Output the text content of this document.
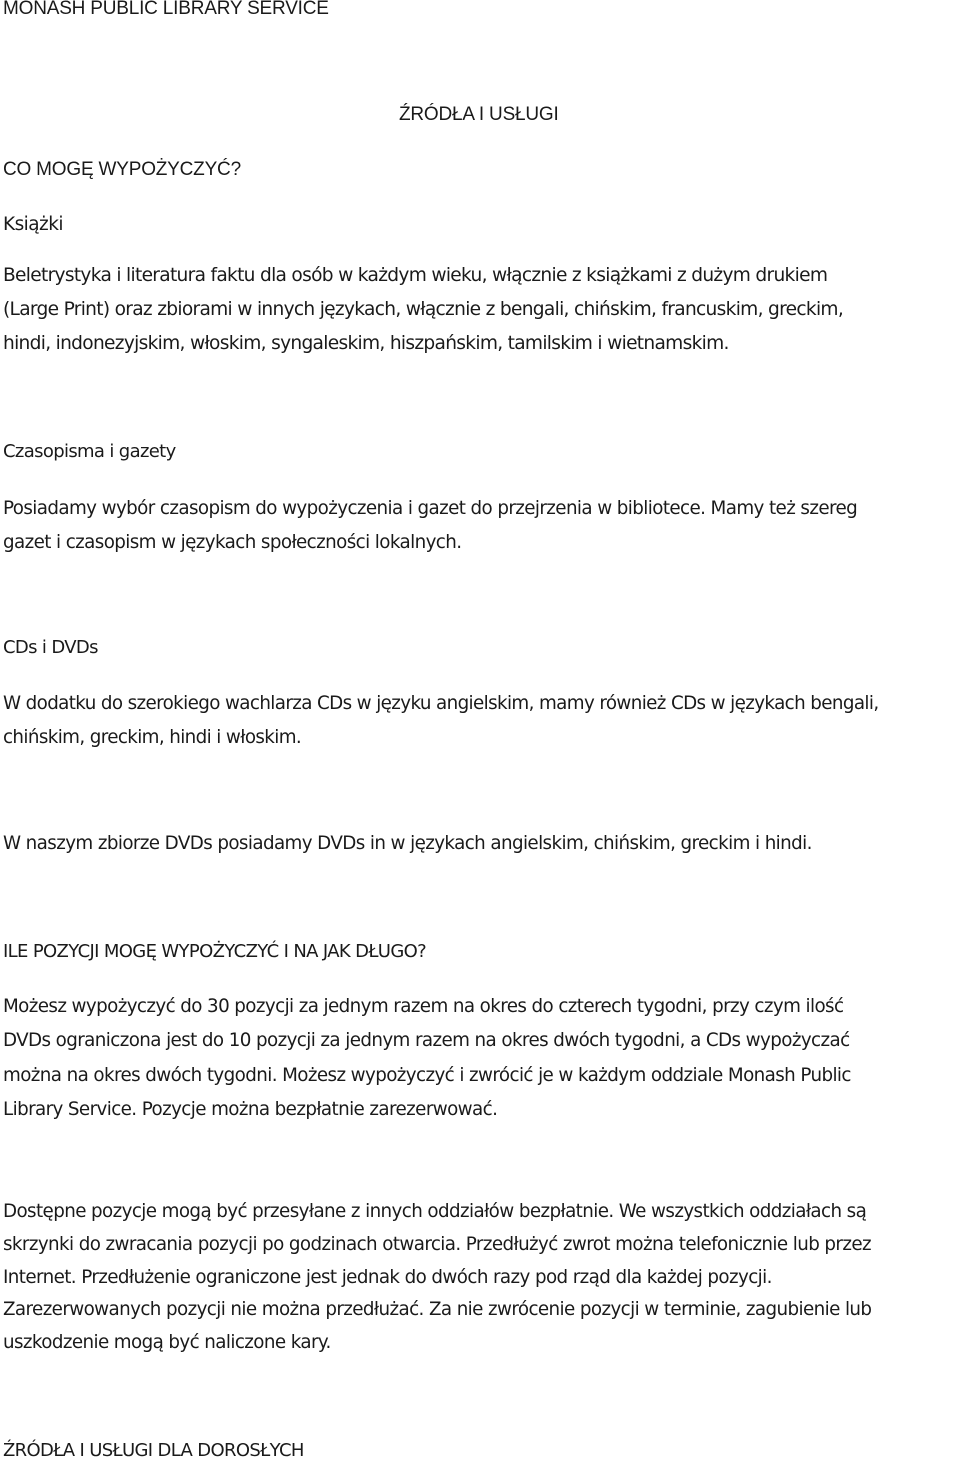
MONASH PUBLIC LIBRARY SERVICE

ŹRÓDŁA I USŁUGI

CO MOGĘ WYPOŻYCZYĆ?

Książki

Beletrystyka i literatura faktu dla osób w każdym wieku, włącznie z książkami z dużym drukiem
(Large Print) oraz zbiorami w innych językach, włącznie z bengali, chińskim, francuskim, greckim,
hindi, indonezyjskim, włoskim, syngaleskim, hiszpańskim, tamilskim i wietnamskim.

Czasopisma i gazety

Posiadamy wybór czasopism do wypożyczenia i gazet do przejrzenia w bibliotece. Mamy też szereg
gazet i czasopism w językach społeczności lokalnych.

CDs i DVDs

W dodatku do szerokiego wachlarza CDs w języku angielskim, mamy również CDs w językach bengali,
chińskim, greckim, hindi i włoskim.

W naszym zbiorze DVDs posiadamy DVDs in w językach angielskim, chińskim, greckim i hindi.

ILE POZYCJI MOGĘ WYPOŻYCZYĆ I NA JAK DŁUGO?

Możesz wypożyczyć do 30 pozycji za jednym razem na okres do czterech tygodni, przy czym ilość
DVDs ograniczona jest do 10 pozycji za jednym razem na okres dwóch tygodni, a CDs wypożyczać
można na okres dwóch tygodni. Możesz wypożyczyć i zwrócić je w każdym oddziale Monash Public
Library Service. Pozycje można bezpłatnie zarezerwować.
Dostępne pozycje mogą być przesyłane z innych oddziałów bezpłatnie. We wszystkich oddziałach są
skrzynki do zwracania pozycji po godzinach otwarcia. Przedłużyć zwrot można telefonicznie lub przez
Internet. Przedłużenie ograniczone jest jednak do dwóch razy pod rząd dla każdej pozycji.
Zarezerwowanych pozycji nie można przedłużać. Za nie zwrócenie pozycji w terminie, zagubienie lub
uszkodzenie mogą być naliczone kary.

ŹRÓDŁA I USŁUGI DLA DOROSŁYCH
